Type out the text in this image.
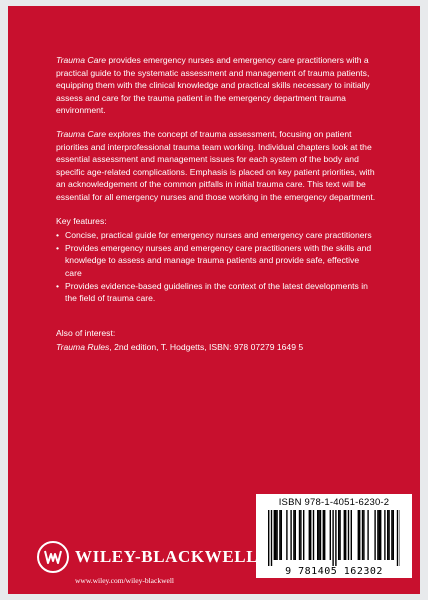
Trauma Care provides emergency nurses and emergency care practitioners with a practical guide to the systematic assessment and management of trauma patients, equipping them with the clinical knowledge and practical skills necessary to initially assess and care for the trauma patient in the emergency department trauma environment.

Trauma Care explores the concept of trauma assessment, focusing on patient priorities and interprofessional trauma team working. Individual chapters look at the essential assessment and management issues for each system of the body and specific age-related complications. Emphasis is placed on key patient priorities, with an acknowledgement of the common pitfalls in initial trauma care. This text will be essential for all emergency nurses and those working in the emergency department.

Key features:

• Concise, practical guide for emergency nurses and emergency care practitioners
• Provides emergency nurses and emergency care practitioners with the skills and knowledge to assess and manage trauma patients and provide safe, effective care
• Provides evidence-based guidelines in the context of the latest developments in the field of trauma care.

Also of interest:

Trauma Rules, 2nd edition, T. Hodgetts, ISBN: 978 07279 1649 5

ISBN 978-1-4051-6230-2
9 781405 162302
WILEY-BLACKWELL
www.wiley.com/wiley-blackwell
